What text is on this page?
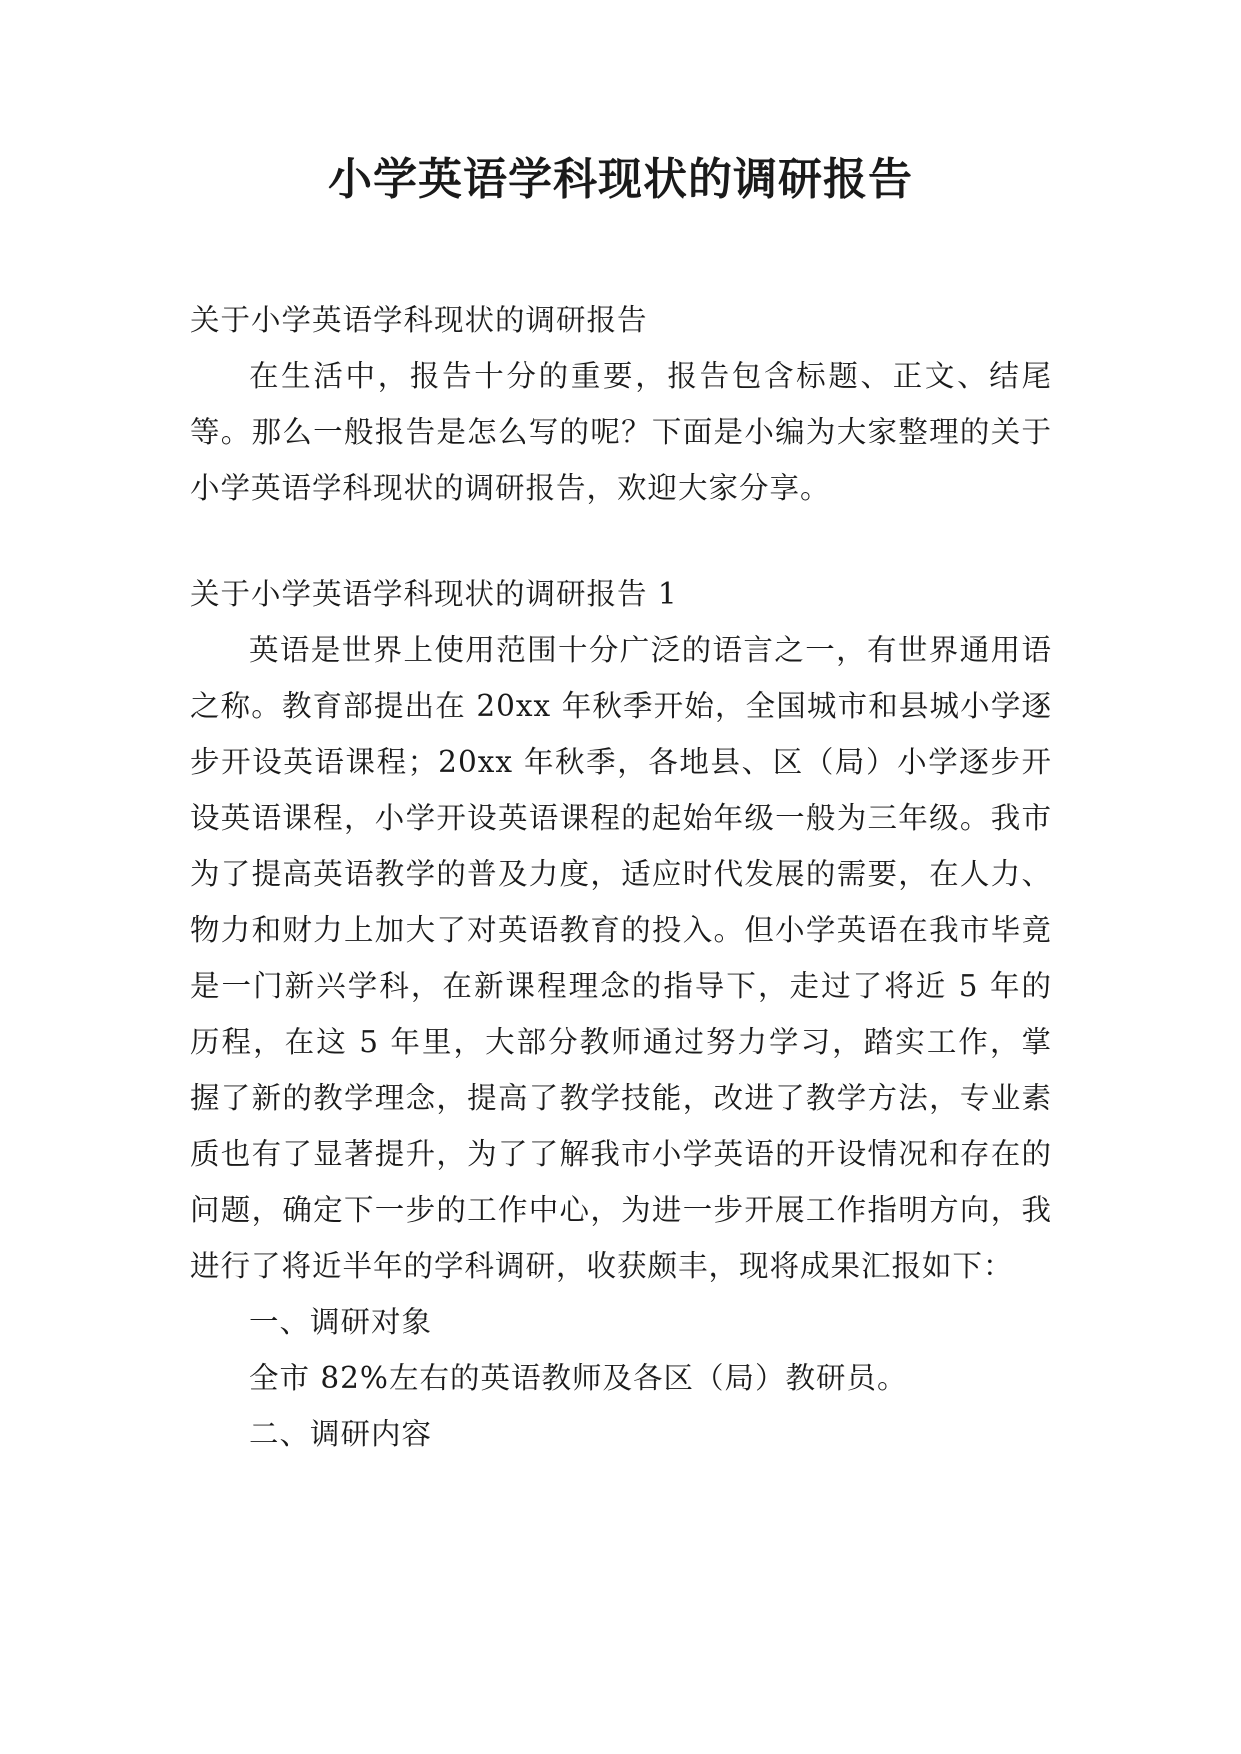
小学英语学科现状的调研报告

关于小学英语学科现状的调研报告

在生活中，报告十分的重要，报告包含标题、正文、结尾等。那么一般报告是怎么写的呢？下面是小编为大家整理的关于小学英语学科现状的调研报告，欢迎大家分享。

关于小学英语学科现状的调研报告 1

英语是世界上使用范围十分广泛的语言之一，有世界通用语之称。教育部提出在 20xx 年秋季开始，全国城市和县城小学逐步开设英语课程；20xx 年秋季，各地县、区（局）小学逐步开设英语课程，小学开设英语课程的起始年级一般为三年级。我市为了提高英语教学的普及力度，适应时代发展的需要，在人力、物力和财力上加大了对英语教育的投入。但小学英语在我市毕竟是一门新兴学科，在新课程理念的指导下，走过了将近 5 年的历程，在这 5 年里，大部分教师通过努力学习，踏实工作，掌握了新的教学理念，提高了教学技能，改进了教学方法，专业素质也有了显著提升，为了了解我市小学英语的开设情况和存在的问题，确定下一步的工作中心，为进一步开展工作指明方向，我进行了将近半年的学科调研，收获颇丰，现将成果汇报如下：

一、调研对象

全市 82%左右的英语教师及各区（局）教研员。

二、调研内容
